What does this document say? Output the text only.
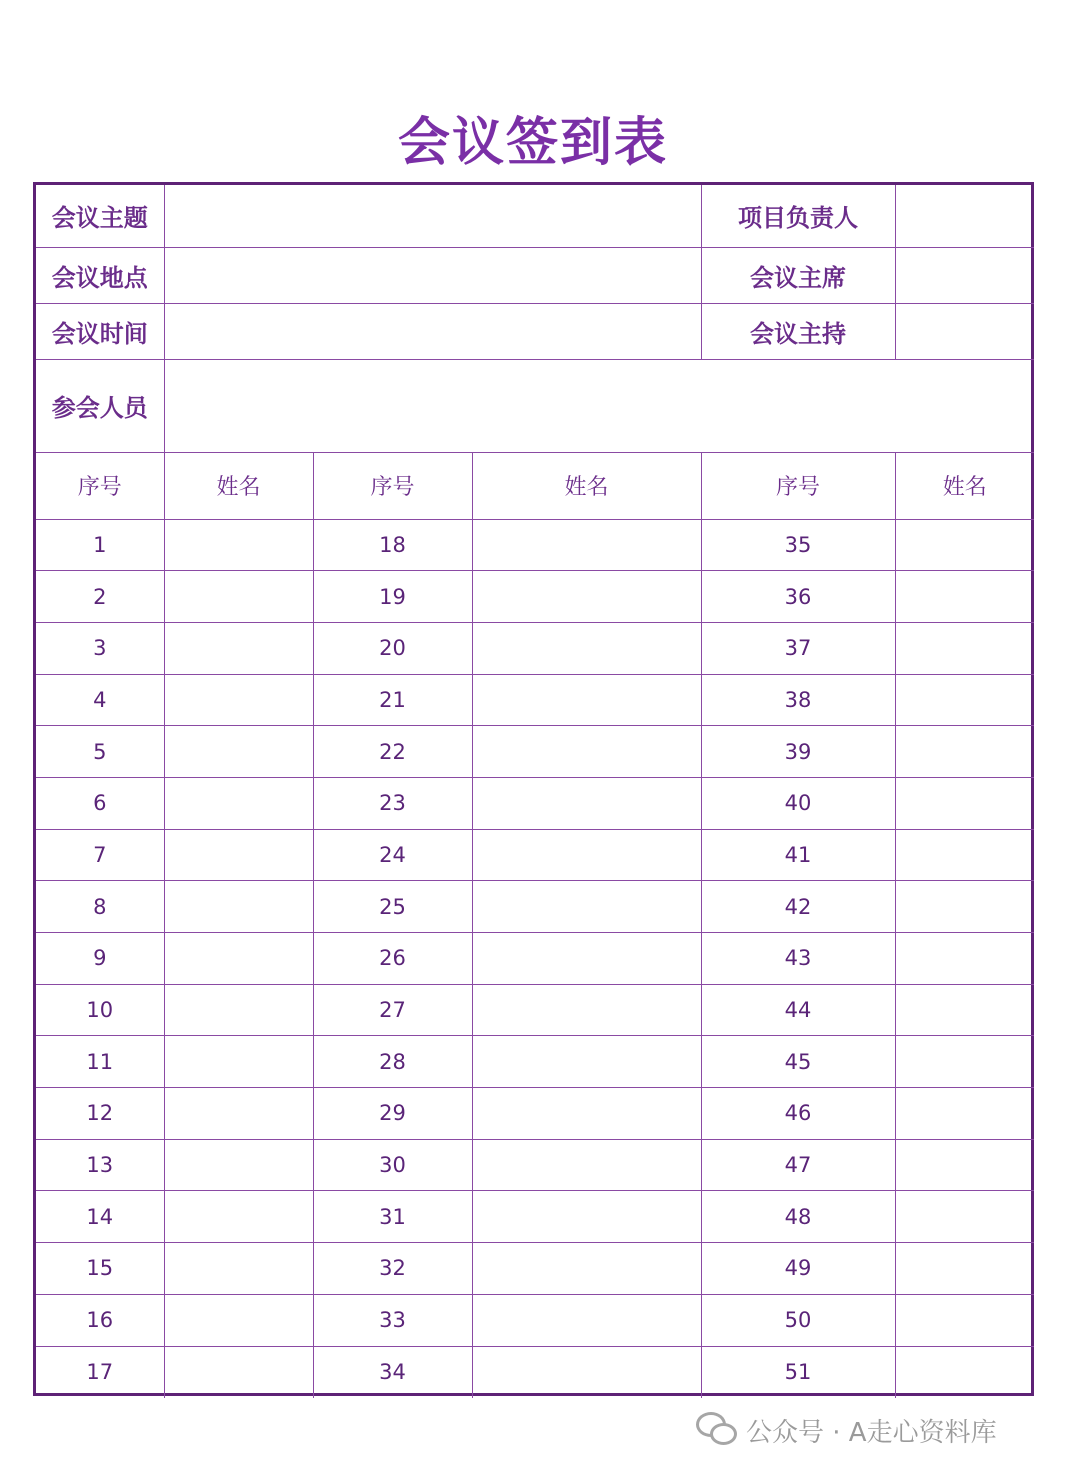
会议签到表
会议主题				项目负责人	
会议地点				会议主席	
会议时间				会议主持	
参会人员					
序号	姓名	序号	姓名	序号	姓名
1		18		35	
2		19		36	
3		20		37	
4		21		38	
5		22		39	
6		23		40	
7		24		41	
8		25		42	
9		26		43	
10		27		44	
11		28		45	
12		29		46	
13		30		47	
14		31		48	
15		32		49	
16		33		50	
17		34		51	
公众号 · A走心资料库
